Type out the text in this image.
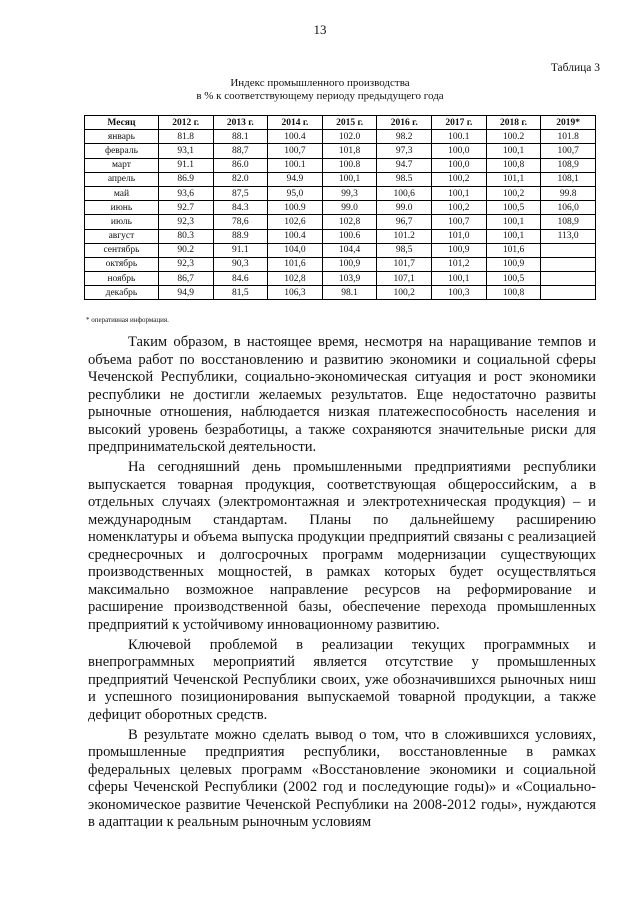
13
Таблица 3
Индекс промышленного производства
в % к соответствующему периоду предыдущего года
Месяц	2012 г.	2013 г.	2014 г.	2015 г.	2016 г.	2017 г.	2018 г.	2019*
январь	81.8	88.1	100.4	102.0	98.2	100.1	100.2	101.8
февраль	93,1	88,7	100,7	101,8	97,3	100,0	100,1	100,7
март	91.1	86.0	100.1	100.8	94.7	100,0	100,8	108,9
апрель	86.9	82.0	94.9	100,1	98.5	100,2	101,1	108,1
май	93,6	87,5	95,0	99,3	100,6	100,1	100,2	99.8
июнь	92.7	84.3	100.9	99.0	99.0	100,2	100,5	106,0
июль	92,3	78,6	102,6	102,8	96,7	100,7	100,1	108,9
август	80.3	88.9	100.4	100.6	101.2	101,0	100,1	113,0
сентябрь	90.2	91.1	104,0	104,4	98,5	100,9	101,6	
октябрь	92,3	90,3	101,6	100,9	101,7	101,2	100,9	
ноябрь	86,7	84.6	102,8	103,9	107,1	100,1	100,5	
декабрь	94,9	81,5	106,3	98.1	100,2	100,3	100,8	
* оперативная информация.

Таким образом, в настоящее время, несмотря на наращивание темпов и объема работ по восстановлению и развитию экономики и социальной сферы Чеченской Республики, социально-экономическая ситуация и рост экономики республики не достигли желаемых результатов. Еще недостаточно развиты рыночные отношения, наблюдается низкая платежеспособность населения и высокий уровень безработицы, а также сохраняются значительные риски для предпринимательской деятельности.

На сегодняшний день промышленными предприятиями республики выпускается товарная продукция, соответствующая общероссийским, а в отдельных случаях (электромонтажная и электротехническая продукция) – и международным стандартам. Планы по дальнейшему расширению номенклатуры и объема выпуска продукции предприятий связаны с реализацией среднесрочных и долгосрочных программ модернизации существующих производственных мощностей, в рамках которых будет осуществляться максимально возможное направление ресурсов на реформирование и расширение производственной базы, обеспечение перехода промышленных предприятий к устойчивому инновационному развитию.

Ключевой проблемой в реализации текущих программных и внепрограммных мероприятий является отсутствие у промышленных предприятий Чеченской Республики своих, уже обозначившихся рыночных ниш и успешного позиционирования выпускаемой товарной продукции, а также дефицит оборотных средств.

В результате можно сделать вывод о том, что в сложившихся условиях, промышленные предприятия республики, восстановленные в рамках федеральных целевых программ «Восстановление экономики и социальной сферы Чеченской Республики (2002 год и последующие годы)» и «Социально-экономическое развитие Чеченской Республики на 2008-2012 годы», нуждаются в адаптации к реальным рыночным условиям
